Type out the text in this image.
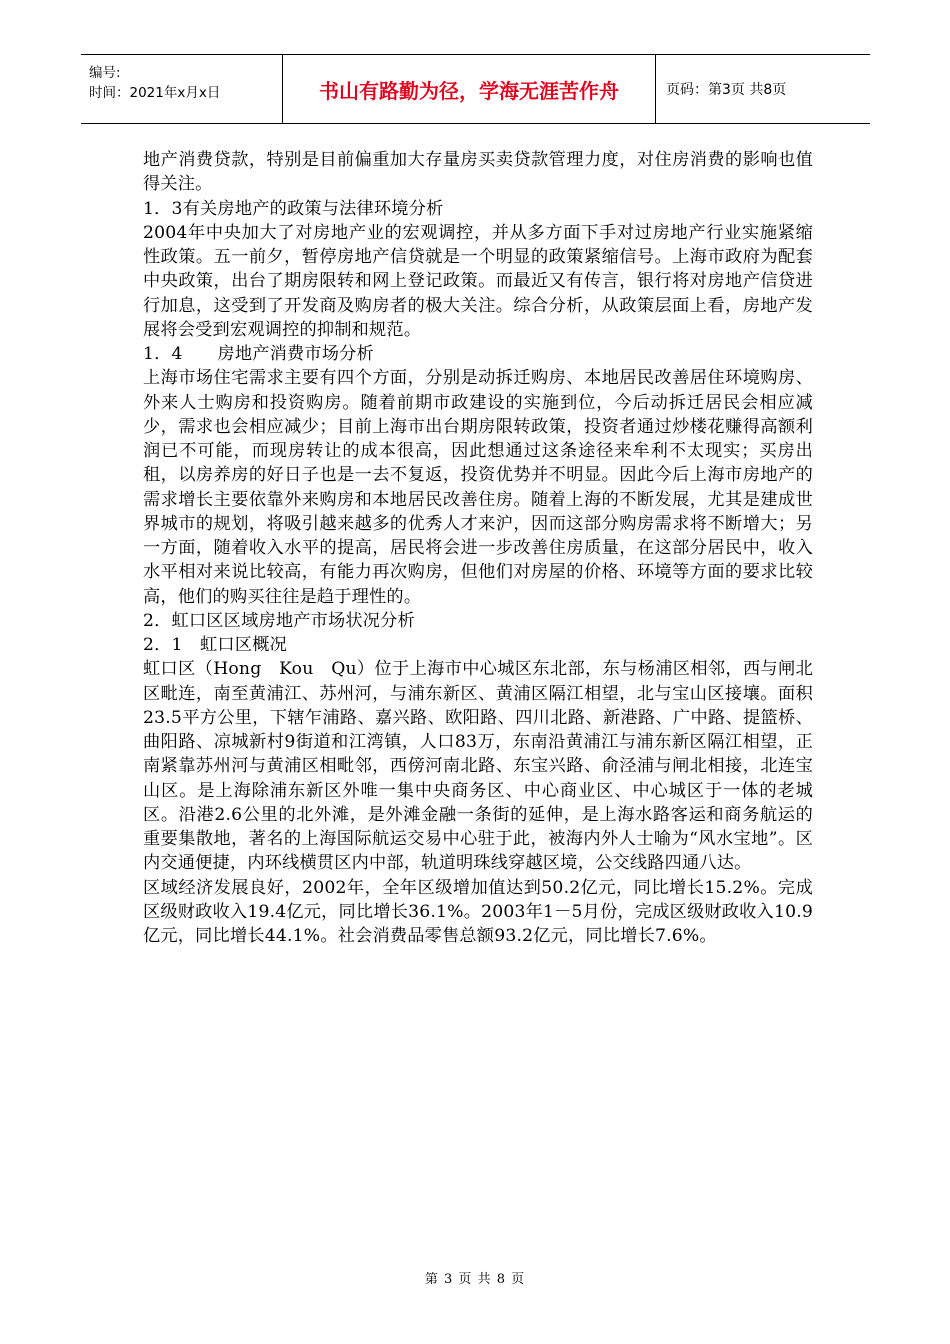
编号:
时间：2021年x月x日	书山有路勤为径，学海无涯苦作舟	页码：第3页 共8页

地产消费贷款，特别是目前偏重加大存量房买卖贷款管理力度，对住房消费的影响也值得关注。

1．3有关房地产的政策与法律环境分析

2004年中央加大了对房地产业的宏观调控，并从多方面下手对过房地产行业实施紧缩性政策。五一前夕，暂停房地产信贷就是一个明显的政策紧缩信号。上海市政府为配套中央政策，出台了期房限转和网上登记政策。而最近又有传言，银行将对房地产信贷进行加息，这受到了开发商及购房者的极大关注。综合分析，从政策层面上看，房地产发展将会受到宏观调控的抑制和规范。

1．4　　房地产消费市场分析

上海市场住宅需求主要有四个方面，分别是动拆迁购房、本地居民改善居住环境购房、外来人士购房和投资购房。随着前期市政建设的实施到位，今后动拆迁居民会相应减少，需求也会相应减少；目前上海市出台期房限转政策，投资者通过炒楼花赚得高额利润已不可能，而现房转让的成本很高，因此想通过这条途径来牟利不太现实；买房出租，以房养房的好日子也是一去不复返，投资优势并不明显。因此今后上海市房地产的需求增长主要依靠外来购房和本地居民改善住房。随着上海的不断发展，尤其是建成世界城市的规划，将吸引越来越多的优秀人才来沪，因而这部分购房需求将不断增大；另一方面，随着收入水平的提高，居民将会进一步改善住房质量，在这部分居民中，收入水平相对来说比较高，有能力再次购房，但他们对房屋的价格、环境等方面的要求比较高，他们的购买往往是趋于理性的。

2．虹口区区域房地产市场状况分析

2．1　虹口区概况

虹口区（Hong　Kou　Qu）位于上海市中心城区东北部，东与杨浦区相邻，西与闸北区毗连，南至黄浦江、苏州河，与浦东新区、黄浦区隔江相望，北与宝山区接壤。面积23.5平方公里，下辖乍浦路、嘉兴路、欧阳路、四川北路、新港路、广中路、提篮桥、曲阳路、凉城新村9街道和江湾镇，人口83万，东南沿黄浦江与浦东新区隔江相望，正南紧靠苏州河与黄浦区相毗邻，西傍河南北路、东宝兴路、俞泾浦与闸北相接，北连宝山区。是上海除浦东新区外唯一集中央商务区、中心商业区、中心城区于一体的老城区。沿港2.6公里的北外滩，是外滩金融一条街的延伸，是上海水路客运和商务航运的重要集散地，著名的上海国际航运交易中心驻于此，被海内外人士喻为“风水宝地”。区内交通便捷，内环线横贯区内中部，轨道明珠线穿越区境，公交线路四通八达。

区域经济发展良好，2002年，全年区级增加值达到50.2亿元，同比增长15.2%。完成区级财政收入19.4亿元，同比增长36.1%。2003年1－5月份，完成区级财政收入10.9亿元，同比增长44.1%。社会消费品零售总额93.2亿元，同比增长7.6%。

第 3 页 共 8 页
